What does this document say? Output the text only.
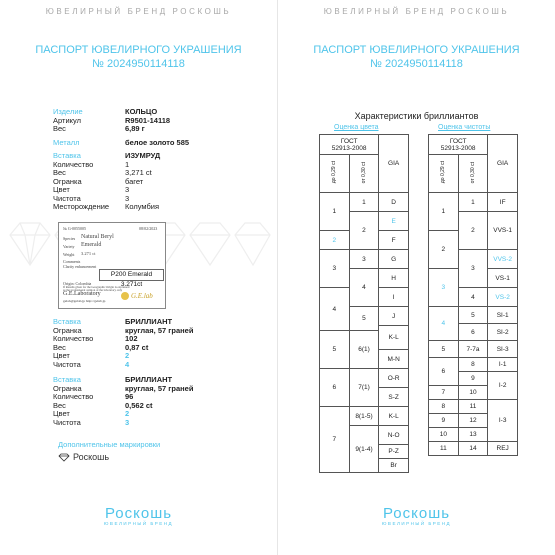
ЮВЕЛИРНЫЙ БРЕНД РОСКОШЬ
ПАСПОРТ ЮВЕЛИРНОГО УКРАШЕНИЯ
№ 2024950114118
Изделие	КОЛЬЦО
Артикул	R9501-14118
Вес	6,89 г
Металл	белое золото 585
Вставка	ИЗУМРУД
Количество	1
Вес	3,271 ct
Огранка	багет
Цвет	3
Чистота	3
Месторождение	Колумбия
№ G-0055005	08/02/2023
Species Natural Beryl
Variety Emerald
Weight 3.271 ct
Comments
Clarity enhancement
P200 Emerald 3.271ct
Origin: Colombia
If Results given for the Geographic Origin is expressed
as the professional opinion of the laboratory only
G.E.Laboratory
gelab@gelab.jp http://gelab.jp
G.E.lab
Вставка	БРИЛЛИАНТ
Огранка	круглая, 57 граней
Количество	102
Вес	0,87 ct
Цвет	2
Чистота	4
Вставка	БРИЛЛИАНТ
Огранка	круглая, 57 граней
Количество	96
Вес	0,562 ct
Цвет	2
Чистота	3
Дополнительные маркировки
Роскошь
Роскошь
ЮВЕЛИРНЫЙ БРЕНД
ЮВЕЛИРНЫЙ БРЕНД РОСКОШЬ
ПАСПОРТ ЮВЕЛИРНОГО УКРАШЕНИЯ
№ 2024950114118
Характеристики бриллиантов
Оценка цвета	Оценка чистоты
ГОСТ
52913-2008		GIA
до 0,29 ct	от 0,30 ct	
1	1	D
	2	E
2		F
3	3	G
	4	H
4		I
	5	J
		K-L
5	6(1)	
		M-N
6	7(1)	O-R
		S-Z
7	8(1-5)	K-L
	9(1-4)	N-O
		P-Z
		Br
ГОСТ
52913-2008		GIA
до 0,29 ct	от 0,30 ct	
1	1	IF
	2	VVS-1
2		
	3	VVS-2
3		VS-1
	4	VS-2
4	5	SI-1
	6	SI-2
5	7-7а	SI-3
6	8	I-1
	9	I-2
7	10	
8	11	I-3
9	12	
10	13	
11	14	REJ
Роскошь
ЮВЕЛИРНЫЙ БРЕНД
